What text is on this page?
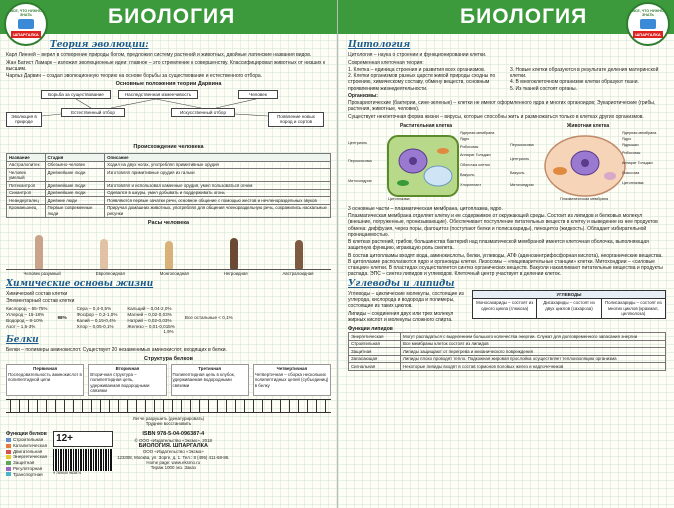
БИОЛОГИЯ
ВСЕ, ЧТО НУЖНО ЗНАТЬ
ШПАРГАЛКА
Теория эволюции:

Карл Линней – верил в сотворение природы богом, предложил систему растений и животных, двойные латинские названия видов.

Жан Батист Ламарк – изложил эволюционные идеи: главное – это стремление к совершенству. Классифицировал животных от низших к высшим.

Чарльз Дарвин – создал эволюционную теорию на основе борьбы за существование и естественного отбора.

Основные положения теории Дарвина
Борьба за существование	Наследственная изменчивость	Человек
Эволюция в природе
Естественный отбор	Искусственный отбор
Появление новых пород и сортов
Происхождение человека
Название	Стадия	Описание
Австралопитек	Обезьяно-человек	Ходил на двух ногах, употреблял примитивные орудия
Человек умелый	Древнейшие люди	Изготовлял примитивные орудия из гальки
Питекантроп	Древнейшие люди	Изготовлял и использовал каменные орудия, умел пользоваться огнем
Синантроп	Древнейшие люди	Одевался в шкуры, умел добывать и поддерживать огонь
Неандерталец	Древние люди	Появляются первые зачатки речи, основное общение с помощью жестов и нечленораздельных звуков
Кроманьонец	Первые современные люди	Приручал домашних животных, употреблял для общения членораздельную речь, сохранились наскальные рисунки
Расы человека
Человек разумный	Европеоидная	Монголоидная	Негроидная	Австралоидная
Химические основы жизни

Химический состав клетки

Элементарный состав клетки

Кислород – 65-75%
Углерод – 15-18%
Водород – 8-10%
Азот – 1,5-3%
98%
Сера – 0,4-0,5%
Фосфор – 0,2-1,0%
Калий – 0,15-0,4%
Хлор – 0,05-0,1%
Кальций – 0,04-2,0%
Магний – 0,02-0,03%
Натрий – 0,02-0,03%
Железо – 0,01-0,015%
Все остальные < 0,1%
1,9%
Белки

Белки – полимеры аминокислот. Существует 20 незаменимых аминокислот, входящих в белки.

Структура белков
Первичная
Последовательность аминокислот в полипептидной цепи
Вторичная
Вторичная структура – полипептидная цепь, удерживаемая водородными связями
Третичная
Полипептидная цепь в клубок, удерживаемая водородными связями
Четвертичная
Четвертичная – сборка нескольких полипептидных цепей (субъединиц) в белку
Легче разрушить (денатурировать)
Труднее восстановить
Функции белков
Строительная
Каталитическая
Двигательная
Энергетическая
Защитная
Регуляторная
Транспортная
12+
9 785040 963874
ISBN 978-5-04-096387-4
© ООО «Издательство «Эксмо», 2018
БИОЛОГИЯ. ШПАРГАЛКА
ООО «Издательство «Эксмо»
123308, Москва, ул. Зорге, д. 1. Тел.: 8 (495) 411-68-86.
Home page: www.eksmo.ru
Тираж 1000 экз. Заказ
БИОЛОГИЯ	ВСЕ, ЧТО НУЖНО ЗНАТЬ
ШПАРГАЛКА
Цитология

Цитология – наука о строении и функционировании клетки.

Современная клеточная теория:

1. Клетка – единица строения и развития всех организмов.
2. Клетки организмов разных царств живой природы сходны по строению, химическому составу, обмену веществ, основным проявлениям жизнедеятельности.
3. Новые клетки образуются в результате деления материнской клетки.
4. В многоклеточном организме клетки образуют ткани.
5. Из тканей состоят органы.

Организмы:

Прокариотические (бактерии, сине-зеленые) – клетки не имеют оформленного ядра и многих органоидов; Эукариотические (грибы, растения, животные, человек).

Существует неклеточная форма жизни – вирусы, которые способны жить и размножаться только в клетках других организмов.

Растительная клетка
Центриоль
Пероксисома
Митохондрия
Ядерная мембрана
Ядро
Рибосомы
Аппарат Гольджи
Оболочка клетки
Вакуоль
Хлоропласт
Цитоплазма
Животная клетка
Пероксисома
Центриоль
Вакуоль
Митохондрия
Ядерная мембрана
Ядро
Ядрышко
Рибосомы
Аппарат Гольджи
Лизосома
Цитоплазма
Плазматическая мембрана

3 основные части – плазматическая мембрана, цитоплазма, ядро.

Плазматическая мембрана отделяет клетку и ее содержимое от окружающей среды. Состоит из липидов и белковых молекул (внешние, погруженные, пронизывающие). Обеспечивает поступление питательных веществ в клетку и выведение из нее продуктов обмена: диффузия, через поры, фагоцитоз (поступают белки и полисахариды), пиноцитоз (жидкость). Обладает избирательной проницаемостью.

В клетках растений, грибов, большинства бактерий над плазматической мембраной имеется клеточная оболочка, выполняющая защитную функцию, играющую роль скелета.

В состав цитоплазмы входят вода, аминокислоты, белки, углеводы, АТФ (аденозинтрифосфорная кислота), неорганические вещества. В цитоплазме располагаются ядро и органоиды клетки. Лизосомы – «пищеварительные станции» клетки. Митохондрии – «силовые станции» клетки. В пластидах осуществляется синтез органических веществ. Вакуоли накапливают питательные вещества и продукты распада. ЭПС – синтез липидов и углеводов. Клеточный центр участвует в делении клеток.

Углеводы и липиды

Углеводы – циклические молекулы, состоящие из углерода, кислорода и водорода и полимеры, состоящие из таких циклов.

Липиды – соединения двух или трех молекул жирных кислот и молекулы сложного спирта.

УГЛЕВОДЫ
Моносахариды – состоят из одного цикла (глюкоза)
Дисахариды – состоят из двух циклов (сахароза)
Полисахариды – состоят из многих циклов (крахмал, целлюлоза)
Функции липидов
Энергетическая	Могут распадаться с выделением большого количества энергии. Служат для долговременного запасания энергии
Строительная	Все мембраны клеток состоят из липидов
Защитная	Липиды защищают от перегрева и механического повреждения
Запасающая	Липиды плохо проводят тепло. Подкожная жировая прослойка осуществляет теплоизоляцию организма
Сигнальная	Некоторые липиды входят в состав гормонов половых желез и надпочечников
